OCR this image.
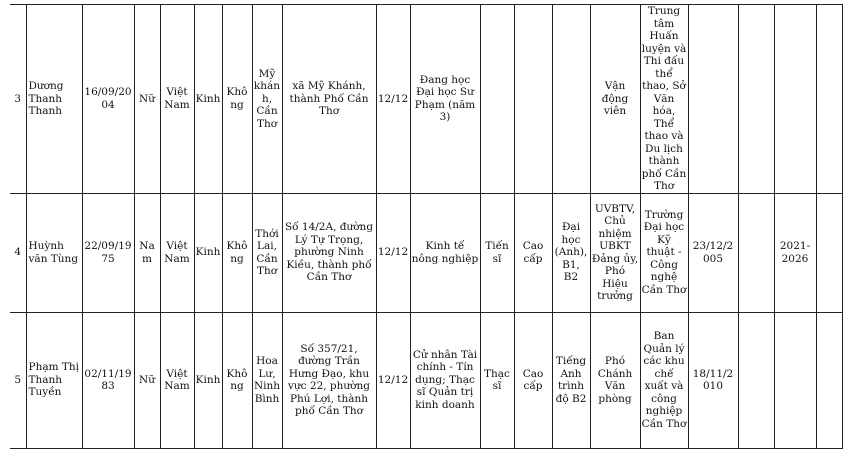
3	Dương Thanh Thanh	16/09/2004	Nữ	Việt Nam	Kinh	Không	Mỹ khánh, Cần Thơ	xã Mỹ Khánh, thành Phố Cần Thơ	12/12	Đang học Đại học Sư Phạm (năm 3)				Vận động viên	Trung tâm Huấn luyện và Thi đấu thể thao, Sở Văn hóa, Thể thao và Du lịch thành phố Cần Thơ				
4	Huỳnh văn Tùng	22/09/1975	Nam	Việt Nam	Kinh	Không	Thới Lai, Cần Thơ	Số 14/2A, đường Lý Tự Trọng, phường Ninh Kiều, thành phố Cần Thơ	12/12	Kinh tế nông nghiệp	Tiến sĩ	Cao cấp	Đại học (Anh), B1, B2	UVBTV, Chủ nhiệm UBKT Đảng ủy, Phó Hiệu trưởng	Trường Đại học Kỹ thuật - Công nghệ Cần Thơ	23/12/2005		2021-2026	
5	Phạm Thị Thanh Tuyền	02/11/1983	Nữ	Việt Nam	Kinh	Không	Hoa Lư, Ninh Bình	Số 357/21, đường Trần Hưng Đạo, khu vực 22, phường Phú Lợi, thành phố Cần Thơ	12/12	Cử nhân Tài chính - Tín dụng; Thạc sĩ Quản trị kinh doanh	Thạc sĩ	Cao cấp	Tiếng Anh trình độ B2	Phó Chánh Văn phòng	Ban Quản lý các khu chế xuất và công nghiệp Cần Thơ	18/11/2010			
